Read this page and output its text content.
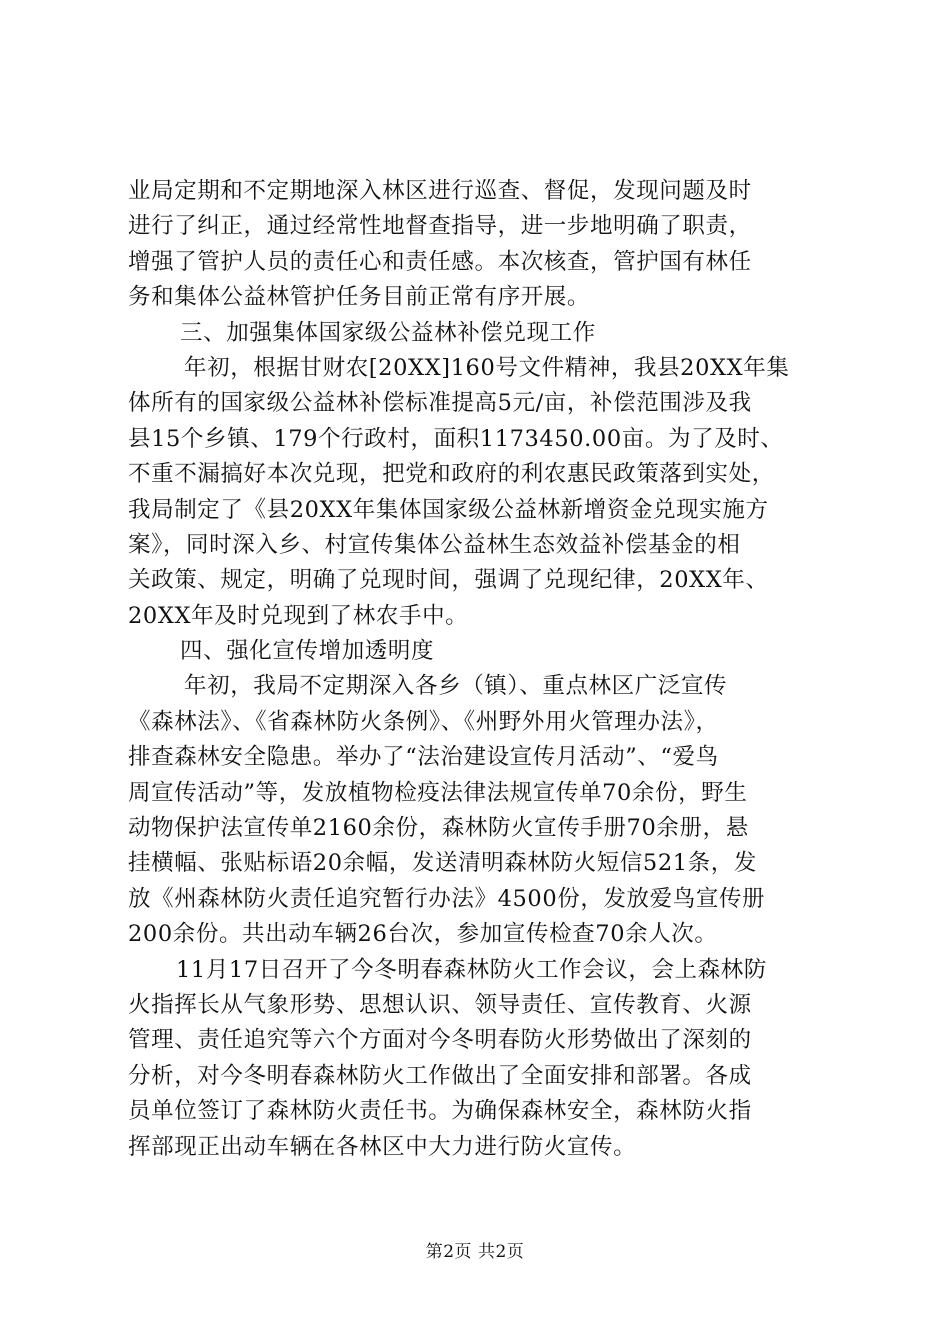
业局定期和不定期地深入林区进行巡查、督促，发现问题及时
进行了纠正，通过经常性地督查指导，进一步地明确了职责，
增强了管护人员的责任心和责任感。本次核查，管护国有林任
务和集体公益林管护任务目前正常有序开展。
三、加强集体国家级公益林补偿兑现工作
年初，根据甘财农[20XX]160号文件精神，我县20XX年集
体所有的国家级公益林补偿标准提高5元/亩，补偿范围涉及我
县15个乡镇、179个行政村，面积1173450.00亩。为了及时、
不重不漏搞好本次兑现，把党和政府的利农惠民政策落到实处，
我局制定了《县20XX年集体国家级公益林新增资金兑现实施方
案》，同时深入乡、村宣传集体公益林生态效益补偿基金的相
关政策、规定，明确了兑现时间，强调了兑现纪律，20XX年、
20XX年及时兑现到了林农手中。
四、强化宣传增加透明度
年初，我局不定期深入各乡（镇）、重点林区广泛宣传
《森林法》、《省森林防火条例》、《州野外用火管理办法》，
排查森林安全隐患。举办了“法治建设宣传月活动”、“爱鸟
周宣传活动”等，发放植物检疫法律法规宣传单70余份，野生
动物保护法宣传单2160余份，森林防火宣传手册70余册，悬
挂横幅、张贴标语20余幅，发送清明森林防火短信521条，发
放《州森林防火责任追究暂行办法》4500份，发放爱鸟宣传册
200余份。共出动车辆26台次，参加宣传检查70余人次。
11月17日召开了今冬明春森林防火工作会议，会上森林防
火指挥长从气象形势、思想认识、领导责任、宣传教育、火源
管理、责任追究等六个方面对今冬明春防火形势做出了深刻的
分析，对今冬明春森林防火工作做出了全面安排和部署。各成
员单位签订了森林防火责任书。为确保森林安全，森林防火指
挥部现正出动车辆在各林区中大力进行防火宣传。
第2页 共2页
